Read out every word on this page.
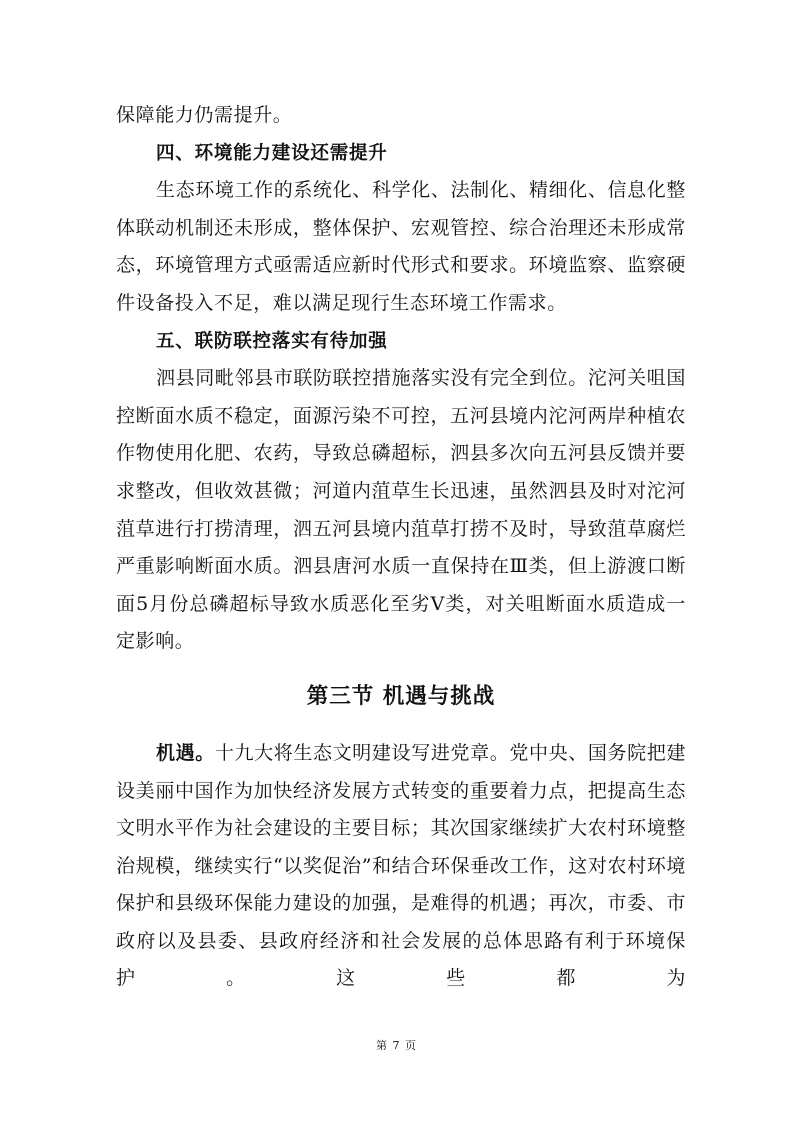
保障能力仍需提升。

四、环境能力建设还需提升

生态环境工作的系统化、科学化、法制化、精细化、信息化整体联动机制还未形成，整体保护、宏观管控、综合治理还未形成常态，环境管理方式亟需适应新时代形式和要求。环境监察、监察硬件设备投入不足，难以满足现行生态环境工作需求。

五、联防联控落实有待加强

泗县同毗邻县市联防联控措施落实没有完全到位。沱河关咀国控断面水质不稳定，面源污染不可控，五河县境内沱河两岸种植农作物使用化肥、农药，导致总磷超标，泗县多次向五河县反馈并要求整改，但收效甚微；河道内菹草生长迅速，虽然泗县及时对沱河菹草进行打捞清理，泗五河县境内菹草打捞不及时，导致菹草腐烂严重影响断面水质。泗县唐河水质一直保持在Ⅲ类，但上游渡口断面5月份总磷超标导致水质恶化至劣Ⅴ类，对关咀断面水质造成一定影响。

第三节 机遇与挑战

机遇。十九大将生态文明建设写进党章。党中央、国务院把建设美丽中国作为加快经济发展方式转变的重要着力点，把提高生态文明水平作为社会建设的主要目标；其次国家继续扩大农村环境整治规模，继续实行“以奖促治”和结合环保垂改工作，这对农村环境保护和县级环保能力建设的加强，是难得的机遇；再次，市委、市政府以及县委、县政府经济和社会发展的总体思路有利于环境保护。这些都为

第 7 页
